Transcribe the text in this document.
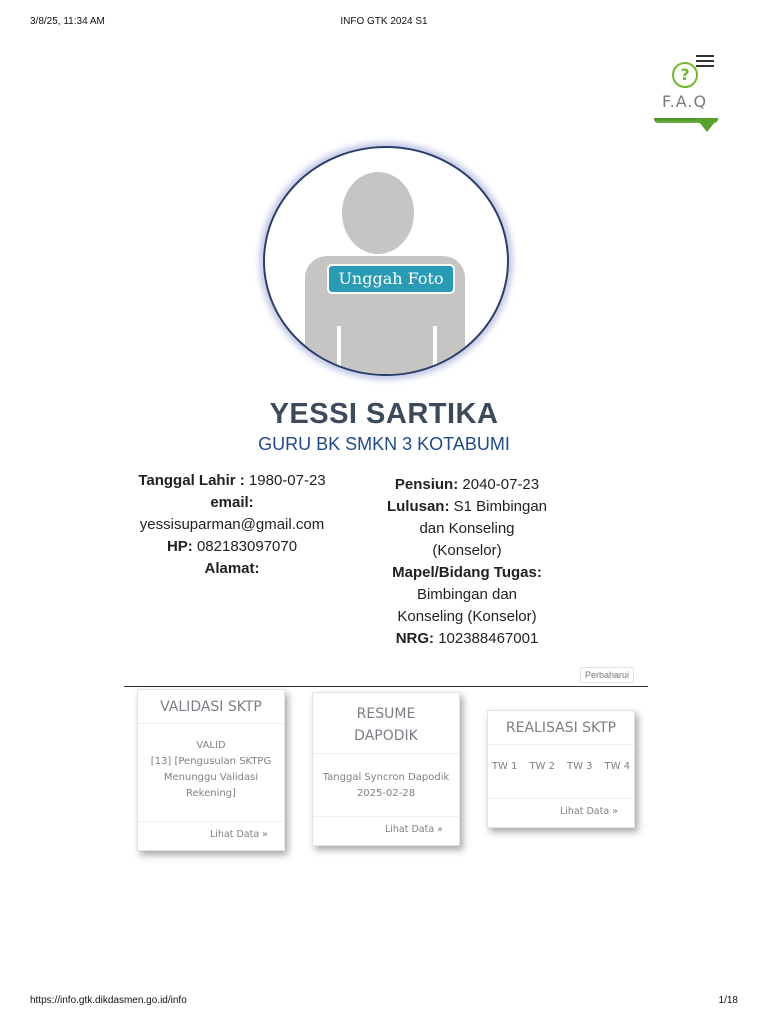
3/8/25, 11:34 AM	INFO GTK 2024 S1
?
F.A.Q
Unggah Foto
YESSI SARTIKA
GURU BK SMKN 3 KOTABUMI
Tanggal Lahir : 1980-07-23
email:
yessisuparman@gmail.com
HP: 082183097070
Alamat:
Pensiun: 2040-07-23
Lulusan: S1 Bimbingan dan Konseling (Konselor)
Mapel/Bidang Tugas:
Bimbingan dan Konseling (Konselor)
NRG: 102388467001
Perbaharui
VALIDASI SKTP
VALID
[13] [Pengusulan SKTPG Menunggu Validasi Rekening]
Lihat Data »
RESUME DAPODIK
Tanggal Syncron Dapodik
2025-02-28
Lihat Data »
REALISASI SKTP
TW 1 TW 2 TW 3 TW 4
Lihat Data »
https://info.gtk.dikdasmen.go.id/info	1/18
